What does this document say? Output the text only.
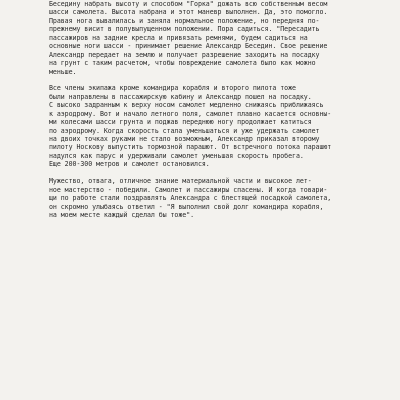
Беседину набрать высоту и способом "Горка" дожать всю собственным весом
шасси самолета. Высота набрана и этот маневр выполнен. Да, это помогло.
Правая нога вывалилась и заняла нормальное положение, но передняя по-
прежнему висит в полувыпущенном положении. Пора садиться. "Пересадить
пассажиров на задние кресла и привязать ремнями, будем садиться на
основные ноги шасси - принимает решение Александр Беседин. Свое решение
Александр передает на землю и получает разрешение заходить на посадку
на грунт с таким расчетом, чтобы повреждение самолета было как можно
меньше.
Все члены экипажа кроме командира корабля и второго пилота тоже
были направлены в пассажирскую кабину и Александр пошел на посадку.
С высоко задранным к верху носом самолет медленно снижаясь приближаясь
к аэродрому. Вот и начало летного поля, самолет плавно касается основны-
ми колесами шасси грунта и поджав переднюю ногу продолжает катиться
по аэродрому. Когда скорость стала уменьшаться и уже удержать самолет
на двоих точках руками не стало возможным, Александр приказал второму
пилоту Носкову выпустить тормозной парашют. От встречного потока парашют
надулся как парус и удерживали самолет уменьшая скорость пробега.
Еще 200-300 метров и самолет остановился.
Мужество, отвага, отличное знание материальной части и высокое лет-
ное мастерство - победили. Самолет и пассажиры спасены. И когда товари-
щи по работе стали поздравлять Александра с блестящей посадкой самолета,
он скромно улыбаясь ответил - "Я выполнил свой долг командира корабля,
на моем месте каждый сделал бы тоже".
